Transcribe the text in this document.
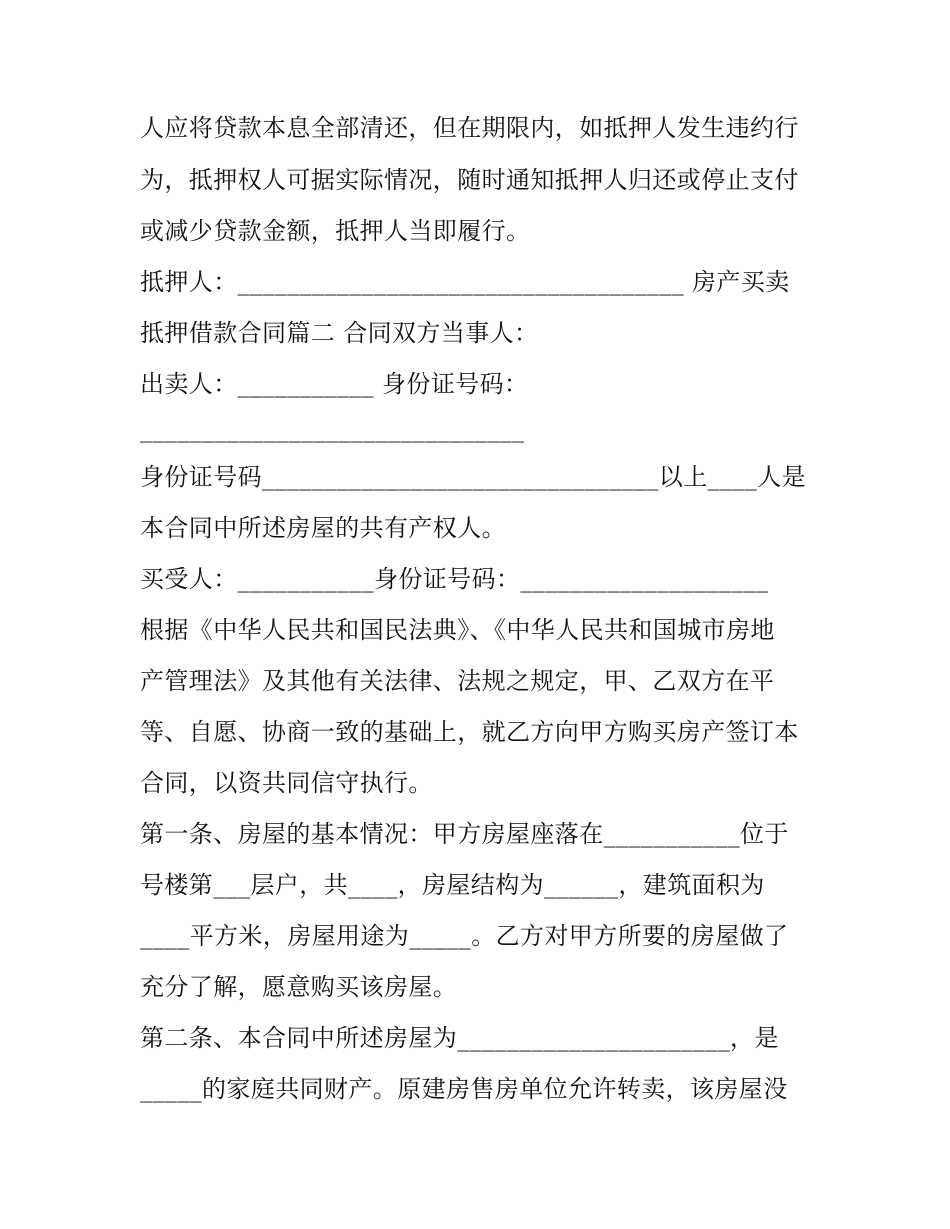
人应将贷款本息全部清还，但在期限内，如抵押人发生违约行
为，抵押权人可据实际情况，随时通知抵押人归还或停止支付
或减少贷款金额，抵押人当即履行。
抵押人：____________________________________ 房产买卖
抵押借款合同篇二 合同双方当事人：
出卖人：___________ 身份证号码：
_______________________________
身份证号码________________________________以上____人是
本合同中所述房屋的共有产权人。
买受人：___________身份证号码：____________________
根据《中华人民共和国民法典》、《中华人民共和国城市房地
产管理法》及其他有关法律、法规之规定，甲、乙双方在平
等、自愿、协商一致的基础上，就乙方向甲方购买房产签订本
合同，以资共同信守执行。
第一条、房屋的基本情况：甲方房屋座落在___________位于
号楼第___层户，共____，房屋结构为______，建筑面积为
____平方米，房屋用途为_____。乙方对甲方所要的房屋做了
充分了解，愿意购买该房屋。
第二条、本合同中所述房屋为______________________，是
_____的家庭共同财产。原建房售房单位允许转卖，该房屋没
